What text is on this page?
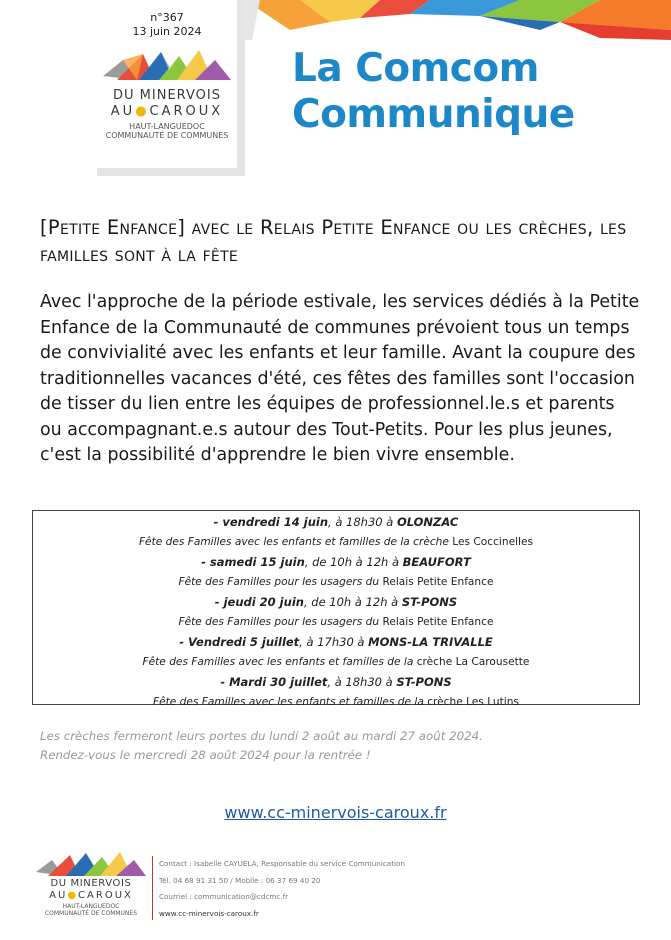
n°367
13 juin 2024
DU MINERVOIS
AU●CAROUX
HAUT-LANGUEDOC
COMMUNAUTÉ DE COMMUNES
La Comcom
Communique
[Petite Enfance] avec le Relais Petite Enfance ou les crèches, les familles sont à la fête
Avec l'approche de la période estivale, les services dédiés à la Petite Enfance de la Communauté de communes prévoient tous un temps de convivialité avec les enfants et leur famille. Avant la coupure des traditionnelles vacances d'été, ces fêtes des familles sont l'occasion de tisser du lien entre les équipes de professionnel.le.s et parents ou accompagnant.e.s autour des Tout-Petits. Pour les plus jeunes, c'est la possibilité d'apprendre le bien vivre ensemble.
- vendredi 14 juin, à 18h30 à OLONZAC
Fête des Familles avec les enfants et familles de la crèche Les Coccinelles
- samedi 15 juin, de 10h à 12h à BEAUFORT
Fête des Familles pour les usagers du Relais Petite Enfance
- jeudi 20 juin, de 10h à 12h à ST-PONS
Fête des Familles pour les usagers du Relais Petite Enfance
- Vendredi 5 juillet, à 17h30 à MONS-LA TRIVALLE
Fête des Familles avec les enfants et familles de la crèche La Carousette
- Mardi 30 juillet, à 18h30 à ST-PONS
Fête des Familles avec les enfants et familles de la crèche Les Lutins
Les crèches fermeront leurs portes du lundi 2 août au mardi 27 août 2024.
Rendez-vous le mercredi 28 août 2024 pour la rentrée !
www.cc-minervois-caroux.fr
DU MINERVOIS
AU●CAROUX
HAUT-LANGUEDOC
COMMUNAUTÉ DE COMMUNES
Contact : Isabelle CAYUELA, Responsable du service Communication
Tél. 04 68 91 31 50 / Mobile : 06 37 69 40 20
Courriel : communication@cdcmc.fr
www.cc-minervois-caroux.fr
